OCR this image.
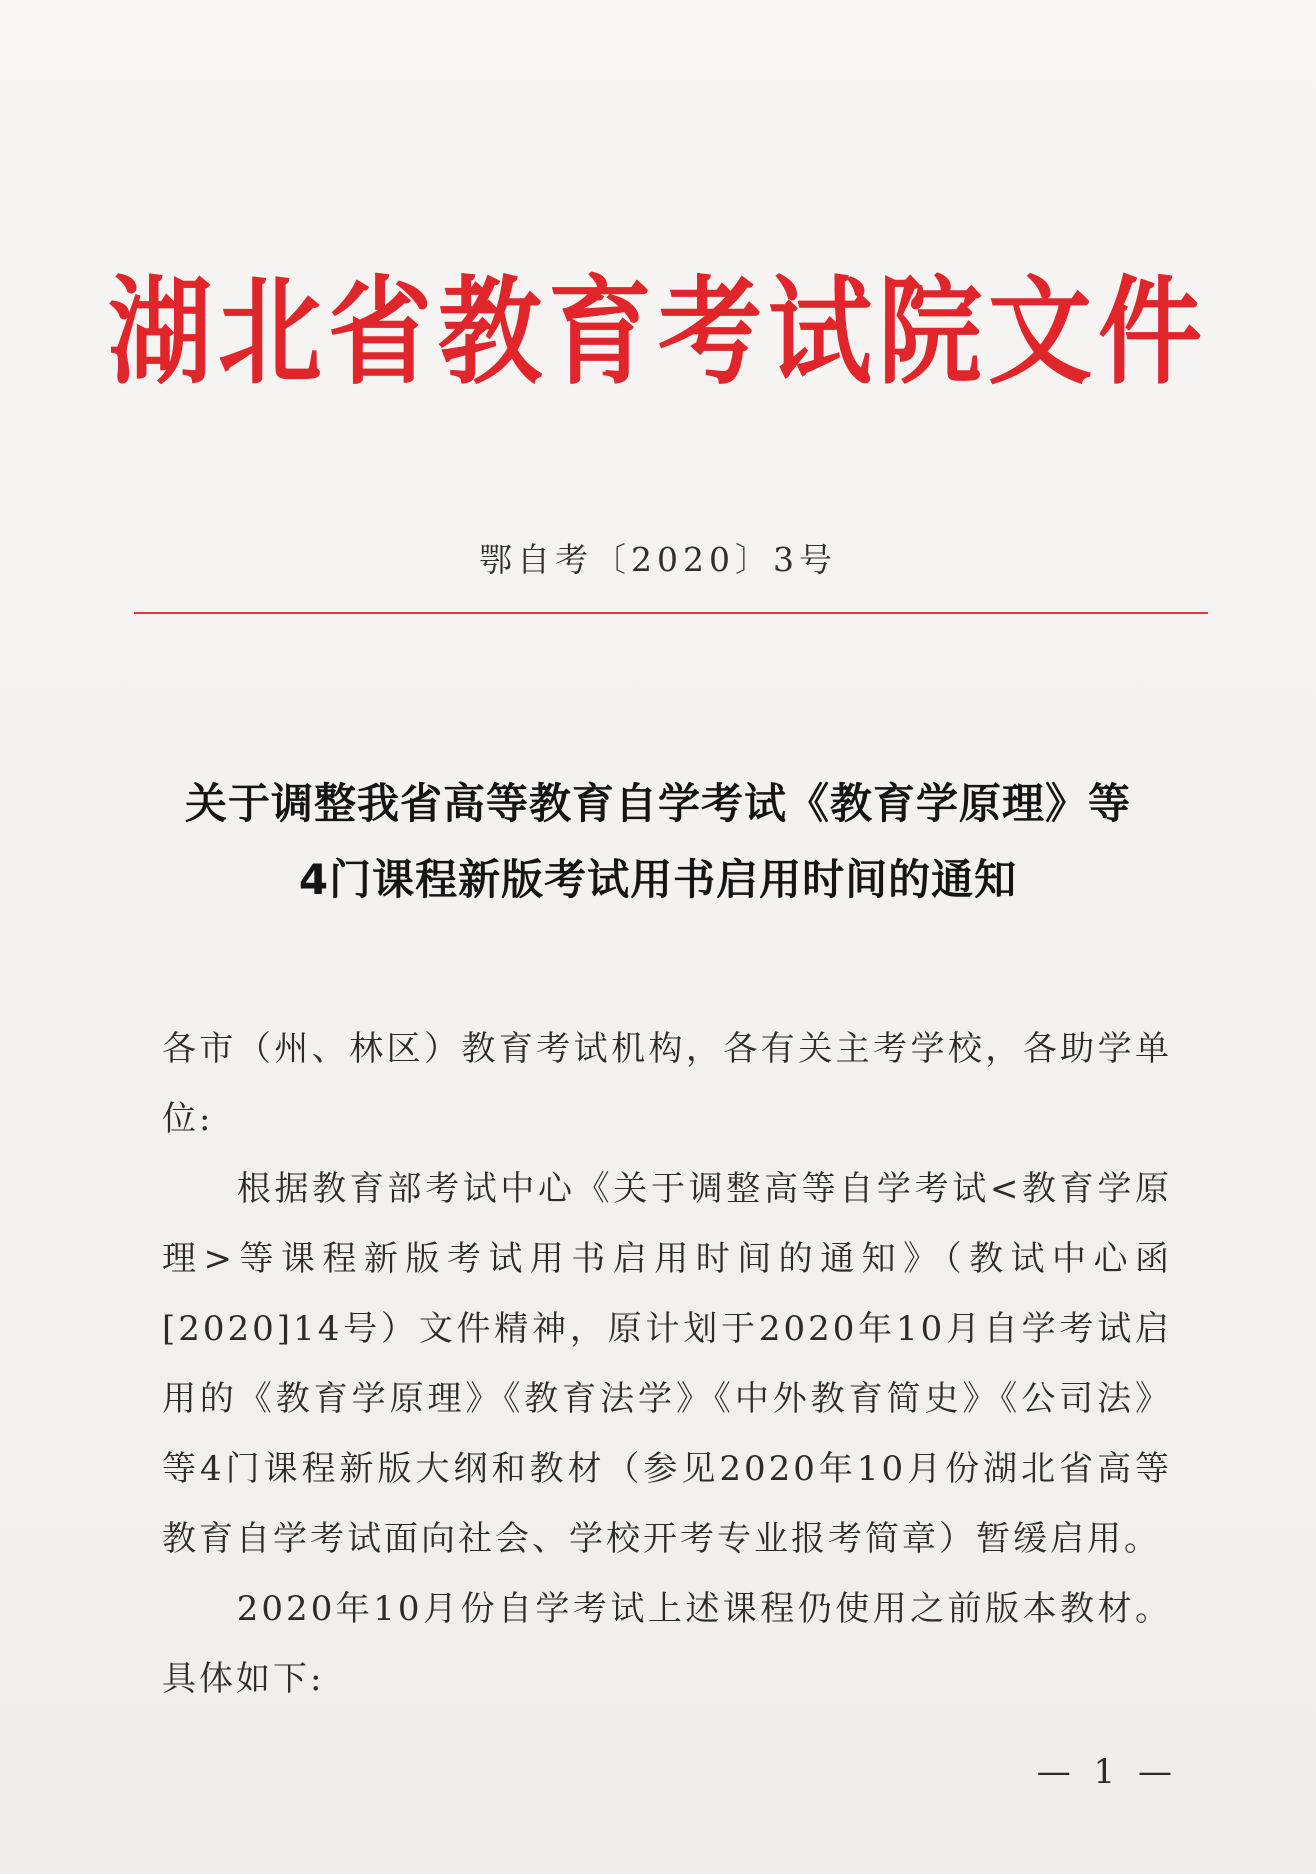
湖北省教育考试院文件
鄂自考〔2020〕3号
关于调整我省高等教育自学考试《教育学原理》等
4门课程新版考试用书启用时间的通知

各市（州、林区）教育考试机构，各有关主考学校，各助学单位:

根据教育部考试中心《关于调整高等自学考试<教育学原理>等课程新版考试用书启用时间的通知》（教试中心函[2020]14号）文件精神，原计划于2020年10月自学考试启用的《教育学原理》《教育法学》《中外教育简史》《公司法》等4门课程新版大纲和教材（参见2020年10月份湖北省高等教育自学考试面向社会、学校开考专业报考简章）暂缓启用。

2020年10月份自学考试上述课程仍使用之前版本教材。具体如下:

— 1 —
